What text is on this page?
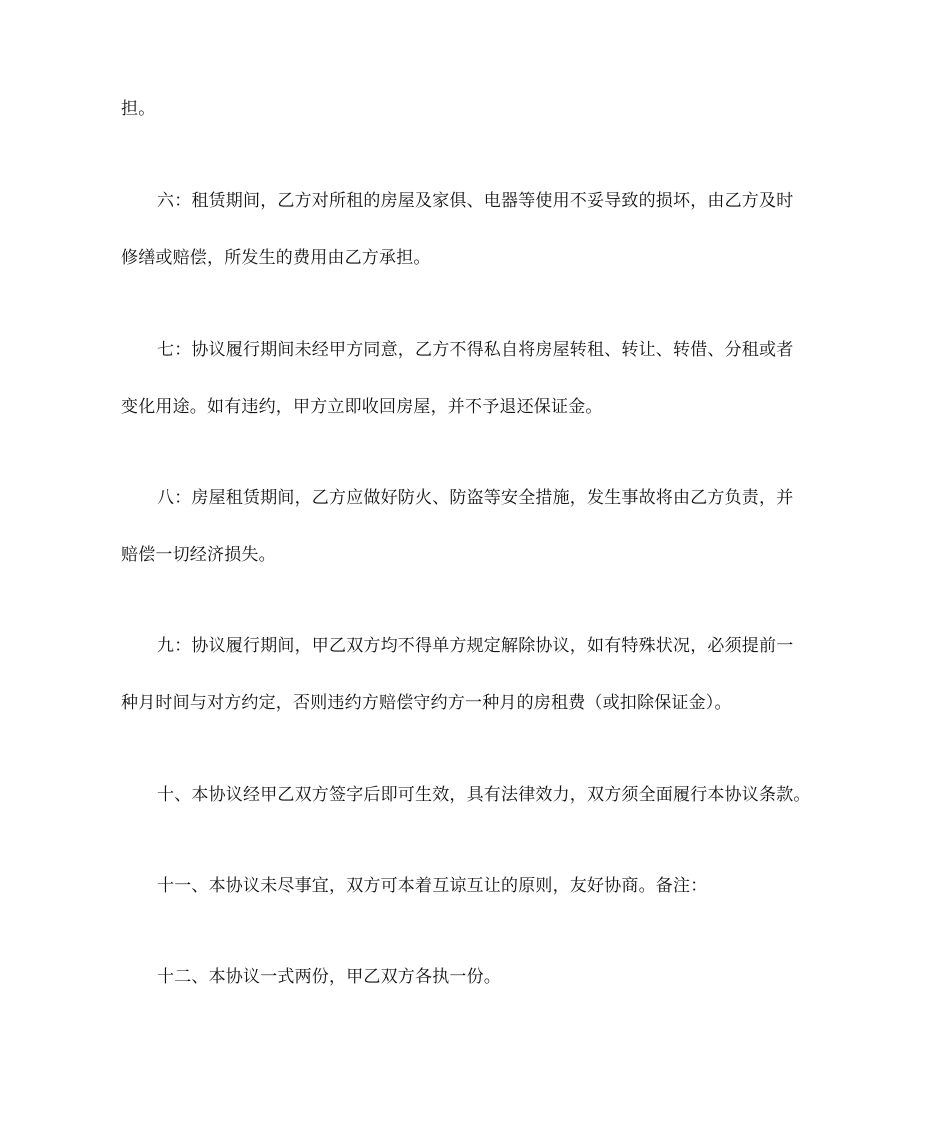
担。
六：租赁期间，乙方对所租的房屋及家俱、电器等使用不妥导致的损坏，由乙方及时
修缮或赔偿，所发生的费用由乙方承担。
七：协议履行期间未经甲方同意，乙方不得私自将房屋转租、转让、转借、分租或者
变化用途。如有违约，甲方立即收回房屋，并不予退还保证金。
八：房屋租赁期间，乙方应做好防火、防盗等安全措施，发生事故将由乙方负责，并
赔偿一切经济损失。
九：协议履行期间，甲乙双方均不得单方规定解除协议，如有特殊状况，必须提前一
种月时间与对方约定，否则违约方赔偿守约方一种月的房租费（或扣除保证金）。
十、本协议经甲乙双方签字后即可生效，具有法律效力，双方须全面履行本协议条款。
十一、本协议未尽事宜，双方可本着互谅互让的原则，友好协商。备注：
十二、本协议一式两份，甲乙双方各执一份。
